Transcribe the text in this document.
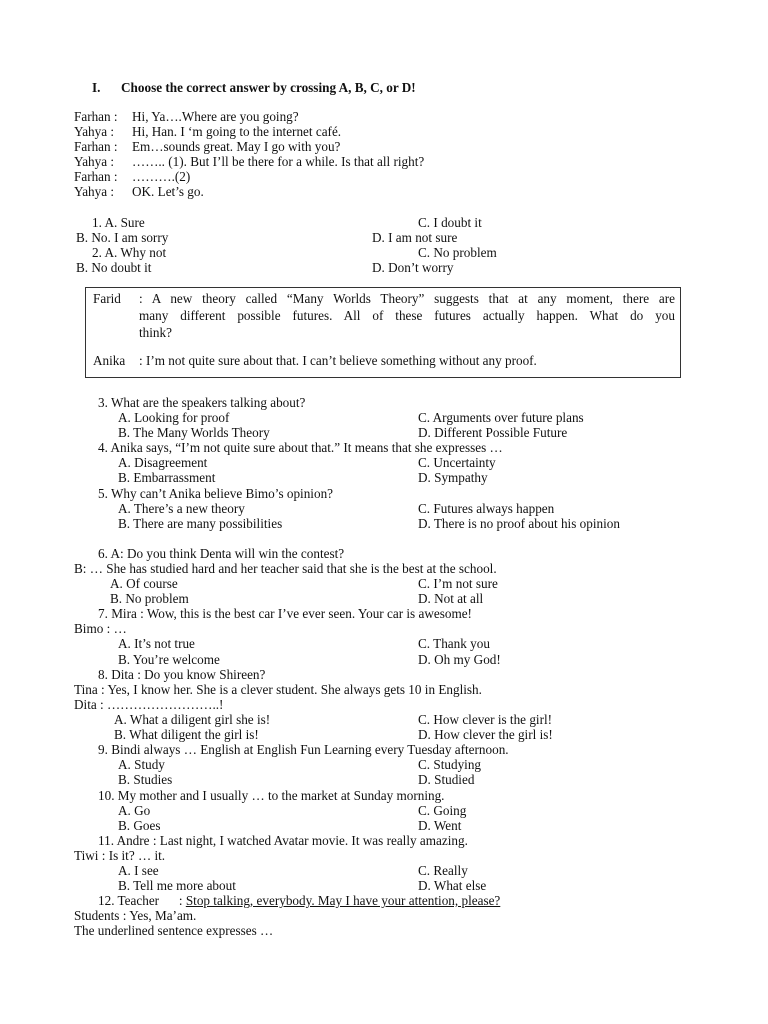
I. Choose the correct answer by crossing A, B, C, or D!
Farhan : Hi, Ya….Where are you going?
Yahya : Hi, Han. I ‘m going to the internet café.
Farhan : Em…sounds great. May I go with you?
Yahya : …….. (1). But I’ll be there for a while. Is that all right?
Farhan : ……….(2)
Yahya : OK. Let’s go.
1. A. Sure	C. I doubt it
B. No. I am sorry	D. I am not sure
2. A. Why not	C. No problem
B. No doubt it	D. Don’t worry
Farid : A new theory called “Many Worlds Theory” suggests that at any moment, there are
many different possible futures. All of these futures actually happen. What do you
think?
Anika : I’m not quite sure about that. I can’t believe something without any proof.
3. What are the speakers talking about?
A. Looking for proof	C. Arguments over future plans
B. The Many Worlds Theory	D. Different Possible Future
4. Anika says, “I’m not quite sure about that.” It means that she expresses …
A. Disagreement	C. Uncertainty
B. Embarrassment	D. Sympathy
5. Why can’t Anika believe Bimo’s opinion?
A. There’s a new theory	C. Futures always happen
B. There are many possibilities	D. There is no proof about his opinion
6. A: Do you think Denta will win the contest?
B: … She has studied hard and her teacher said that she is the best at the school.
A. Of course	C. I’m not sure
B. No problem	D. Not at all
7. Mira : Wow, this is the best car I’ve ever seen. Your car is awesome!
Bimo : …
A. It’s not true	C. Thank you
B. You’re welcome	D. Oh my God!
8. Dita : Do you know Shireen?
Tina : Yes, I know her. She is a clever student. She always gets 10 in English.
Dita : ……………………..!
A. What a diligent girl she is!	C. How clever is the girl!
B. What diligent the girl is!	D. How clever the girl is!
9. Bindi always … English at English Fun Learning every Tuesday afternoon.
A. Study	C. Studying
B. Studies	D. Studied
10. My mother and I usually … to the market at Sunday morning.
A. Go	C. Going
B. Goes	D. Went
11. Andre : Last night, I watched Avatar movie. It was really amazing.
Tiwi : Is it? … it.
A. I see	C. Really
B. Tell me more about	D. What else
12. Teacher      : Stop talking, everybody. May I have your attention, please?
Students : Yes, Ma’am.
The underlined sentence expresses …
